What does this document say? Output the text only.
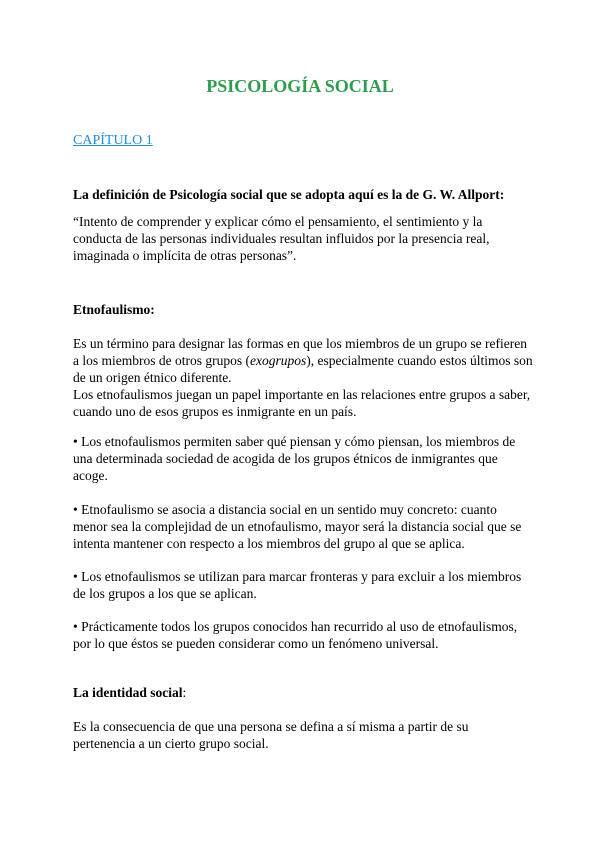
PSICOLOGÍA SOCIAL

CAPÍTULO 1

La definición de Psicología social que se adopta aquí es la de G. W. Allport:

“Intento de comprender y explicar cómo el pensamiento, el sentimiento y la conducta de las personas individuales resultan influidos por la presencia real, imaginada o implícita de otras personas”.

Etnofaulismo:

Es un término para designar las formas en que los miembros de un grupo se refieren a los miembros de otros grupos (exogrupos), especialmente cuando estos últimos son de un origen étnico diferente.

Los etnofaulismos juegan un papel importante en las relaciones entre grupos a saber, cuando uno de esos grupos es inmigrante en un país.

• Los etnofaulismos permiten saber qué piensan y cómo piensan, los miembros de una determinada sociedad de acogida de los grupos étnicos de inmigrantes que acoge.

• Etnofaulismo se asocia a distancia social en un sentido muy concreto: cuanto menor sea la complejidad de un etnofaulismo, mayor será la distancia social que se intenta mantener con respecto a los miembros del grupo al que se aplica.

• Los etnofaulismos se utilizan para marcar fronteras y para excluir a los miembros de los grupos a los que se aplican.

• Prácticamente todos los grupos conocidos han recurrido al uso de etnofaulismos, por lo que éstos se pueden considerar como un fenómeno universal.

La identidad social:

Es la consecuencia de que una persona se defina a sí misma a partir de su pertenencia a un cierto grupo social.
